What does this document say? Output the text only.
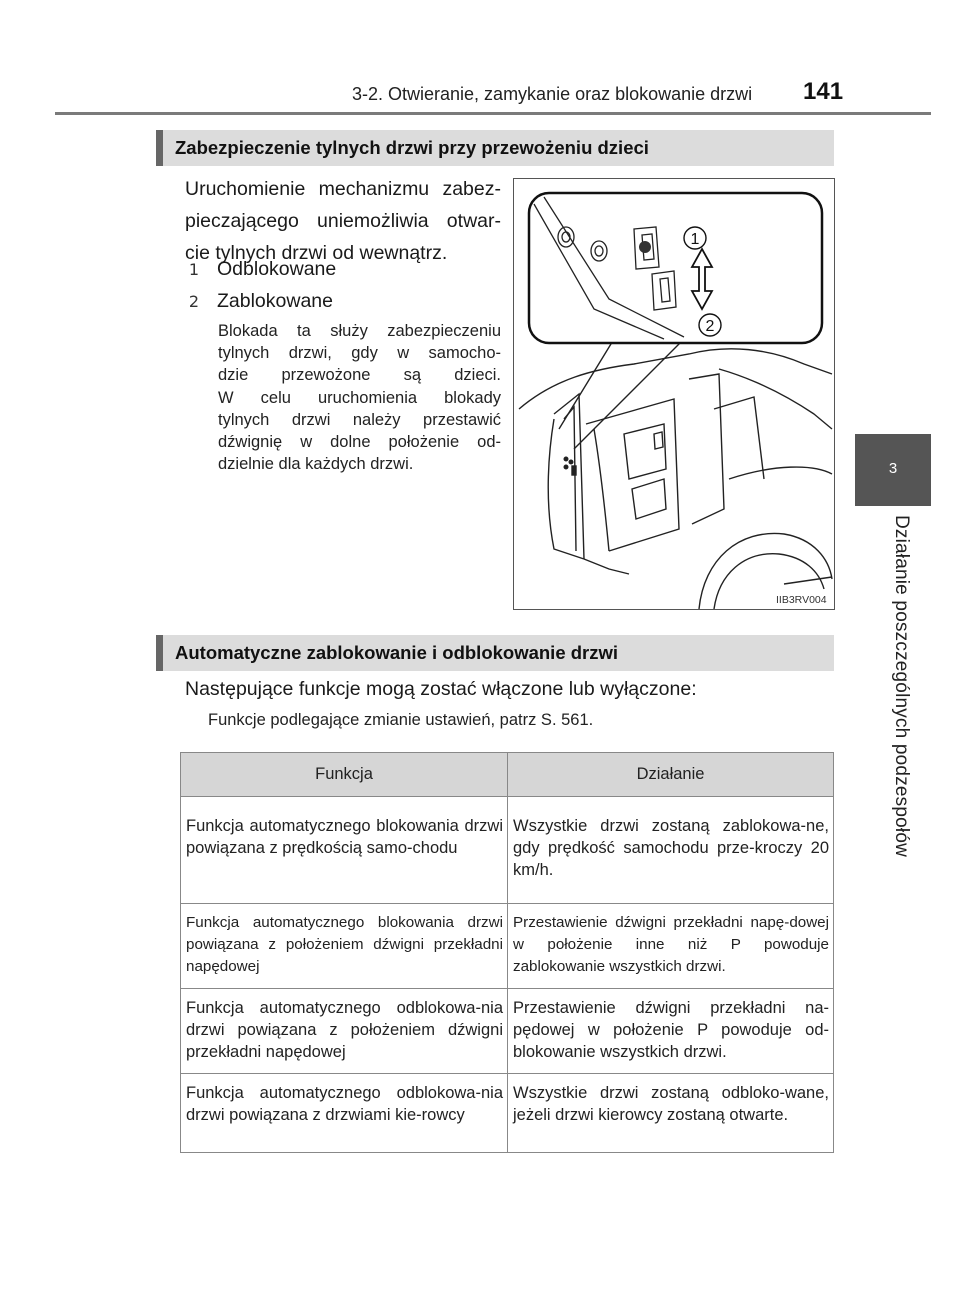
3-2. Otwieranie, zamykanie oraz blokowanie drzwi 141
3
Działanie poszczególnych podzespołów
Zabezpieczenie tylnych drzwi przy przewożeniu dzieci
Uruchomienie mechanizmu zabez-
pieczającego uniemożliwia otwar-
cie tylnych drzwi od wewnątrz.
1 Odblokowane
2 Zablokowane
Blokada ta służy zabezpieczeniu
tylnych drzwi, gdy w samocho-
dzie przewożone są dzieci.
W celu uruchomienia blokady
tylnych drzwi należy przestawić
dźwignię w dolne położenie od-
dzielnie dla każdych drzwi.
1
2
IIB3RV004
Automatyczne zablokowanie i odblokowanie drzwi
Następujące funkcje mogą zostać włączone lub wyłączone:
Funkcje podlegające zmianie ustawień, patrz S. 561.
Funkcja	Działanie
Funkcja automatycznego blokowania drzwi powiązana z prędkością samo-chodu	Wszystkie drzwi zostaną zablokowa-ne, gdy prędkość samochodu prze-kroczy 20 km/h.
Funkcja automatycznego blokowania drzwi powiązana z położeniem dźwigni przekładni napędowej	Przestawienie dźwigni przekładni napę-dowej w położenie inne niż P powoduje zablokowanie wszystkich drzwi.
Funkcja automatycznego odblokowa-nia drzwi powiązana z położeniem dźwigni przekładni napędowej	Przestawienie dźwigni przekładni na-pędowej w położenie P powoduje od-blokowanie wszystkich drzwi.
Funkcja automatycznego odblokowa-nia drzwi powiązana z drzwiami kie-rowcy	Wszystkie drzwi zostaną odbloko-wane, jeżeli drzwi kierowcy zostaną otwarte.
